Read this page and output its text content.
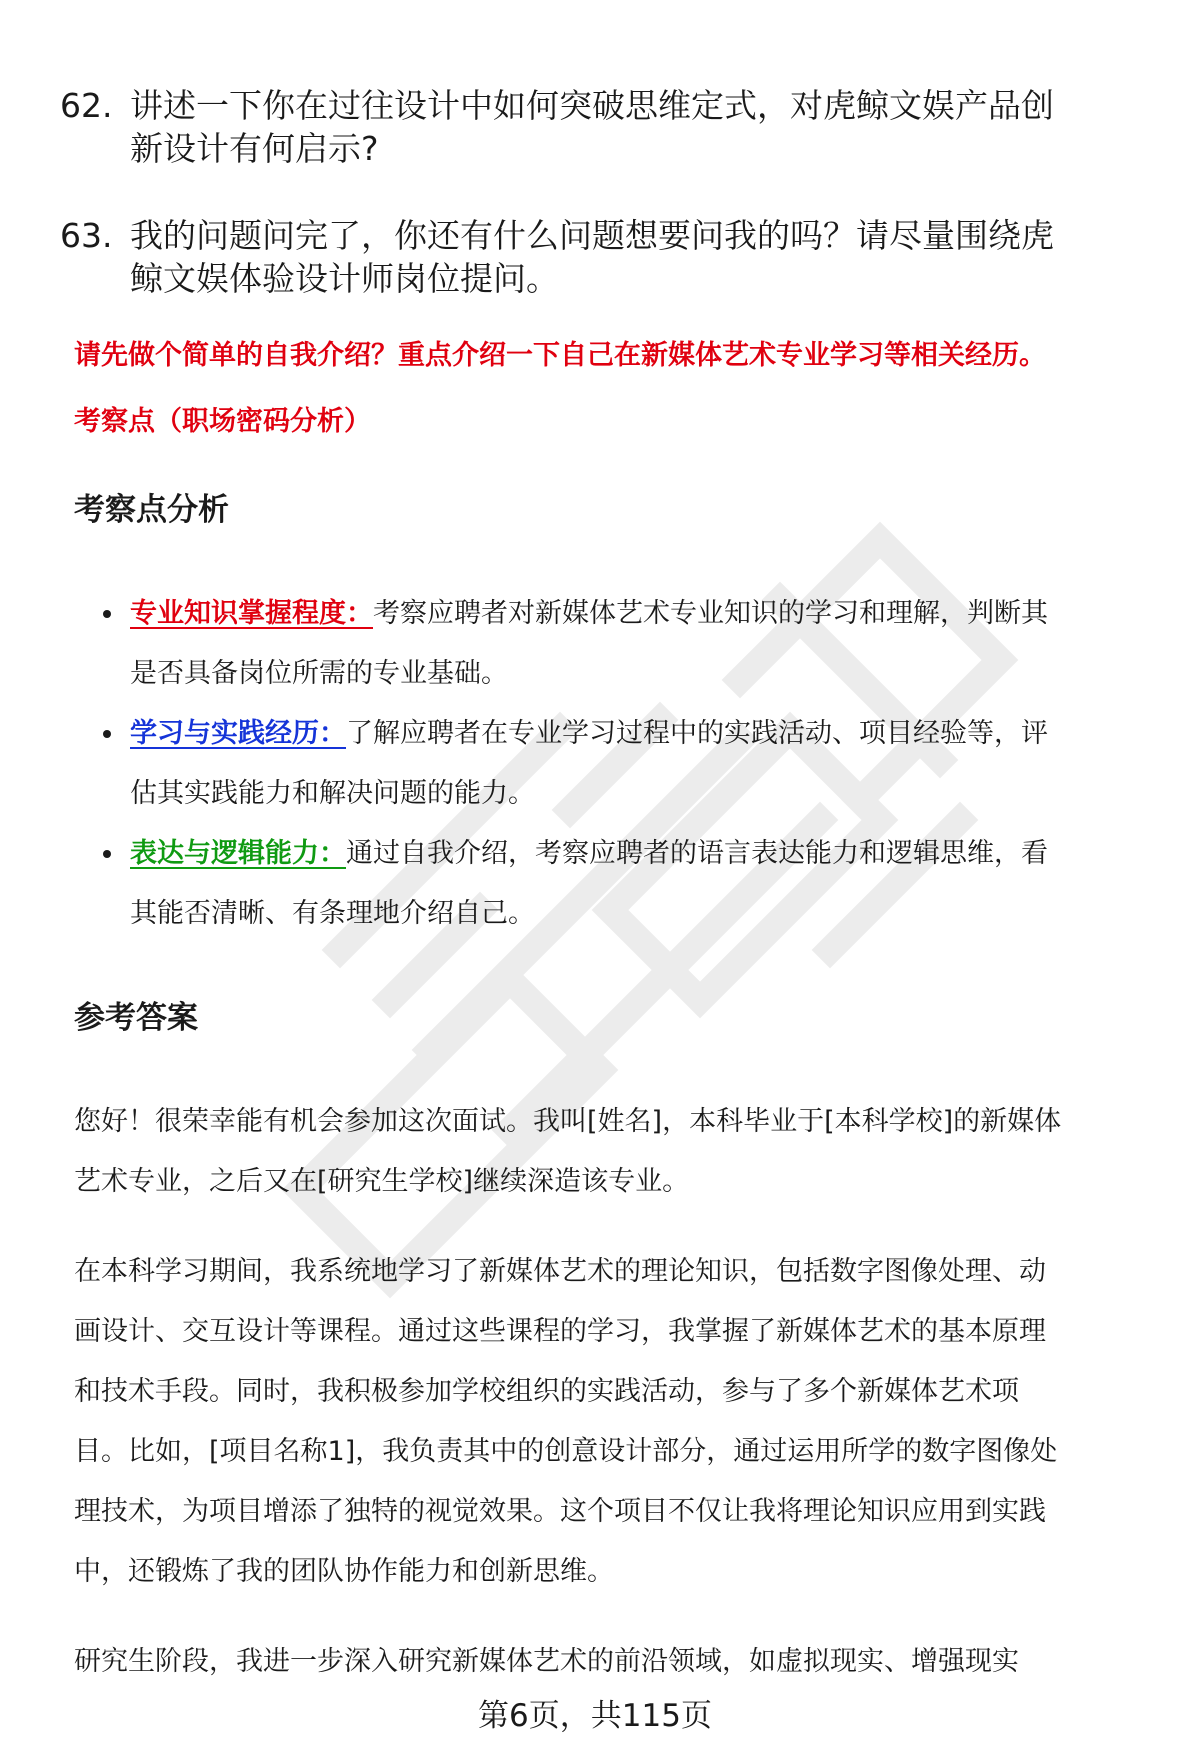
62. 讲述一下你在过往设计中如何突破思维定式，对虎鲸文娱产品创
新设计有何启示?
63. 我的问题问完了，你还有什么问题想要问我的吗？请尽量围绕虎
鲸文娱体验设计师岗位提问。
请先做个简单的自我介绍？重点介绍一下自己在新媒体艺术专业学习等相关经历。
考察点（职场密码分析）
考察点分析
专业知识掌握程度：考察应聘者对新媒体艺术专业知识的学习和理解，判断其
是否具备岗位所需的专业基础。
学习与实践经历：了解应聘者在专业学习过程中的实践活动、项目经验等，评
估其实践能力和解决问题的能力。
表达与逻辑能力：通过自我介绍，考察应聘者的语言表达能力和逻辑思维，看
其能否清晰、有条理地介绍自己。
参考答案
您好！很荣幸能有机会参加这次面试。我叫[姓名]，本科毕业于[本科学校]的新媒体
艺术专业，之后又在[研究生学校]继续深造该专业。
在本科学习期间，我系统地学习了新媒体艺术的理论知识，包括数字图像处理、动
画设计、交互设计等课程。通过这些课程的学习，我掌握了新媒体艺术的基本原理
和技术手段。同时，我积极参加学校组织的实践活动，参与了多个新媒体艺术项
目。比如，[项目名称1]，我负责其中的创意设计部分，通过运用所学的数字图像处
理技术，为项目增添了独特的视觉效果。这个项目不仅让我将理论知识应用到实践
中，还锻炼了我的团队协作能力和创新思维。
研究生阶段，我进一步深入研究新媒体艺术的前沿领域，如虚拟现实、增强现实
第6页，共115页
